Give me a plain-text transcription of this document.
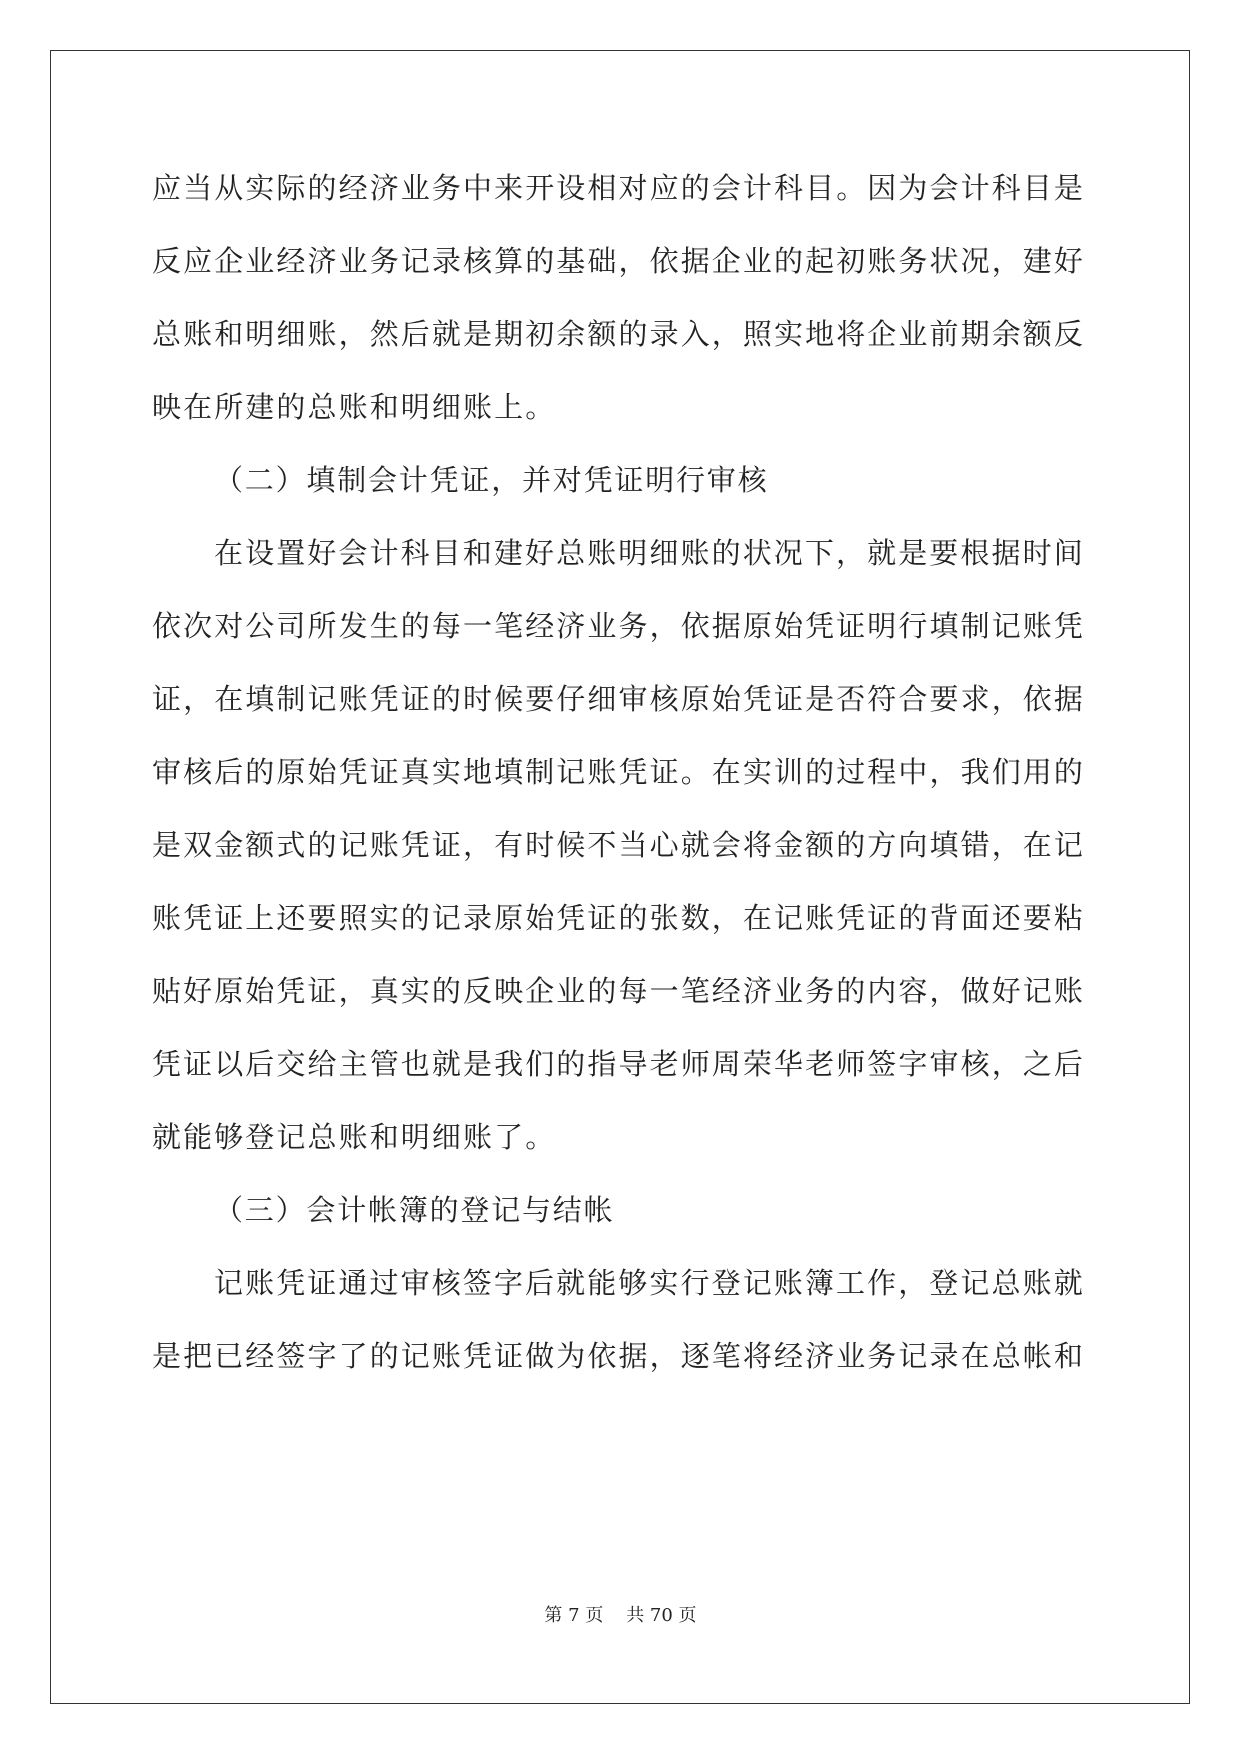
应当从实际的经济业务中来开设相对应的会计科目。因为会计科目是
反应企业经济业务记录核算的基础，依据企业的起初账务状况，建好
总账和明细账，然后就是期初余额的录入，照实地将企业前期余额反
映在所建的总账和明细账上。
（二）填制会计凭证，并对凭证明行审核
在设置好会计科目和建好总账明细账的状况下，就是要根据时间
依次对公司所发生的每一笔经济业务，依据原始凭证明行填制记账凭
证，在填制记账凭证的时候要仔细审核原始凭证是否符合要求，依据
审核后的原始凭证真实地填制记账凭证。在实训的过程中，我们用的
是双金额式的记账凭证，有时候不当心就会将金额的方向填错，在记
账凭证上还要照实的记录原始凭证的张数，在记账凭证的背面还要粘
贴好原始凭证，真实的反映企业的每一笔经济业务的内容，做好记账
凭证以后交给主管也就是我们的指导老师周荣华老师签字审核，之后
就能够登记总账和明细账了。
（三）会计帐簿的登记与结帐
记账凭证通过审核签字后就能够实行登记账簿工作，登记总账就
是把已经签字了的记账凭证做为依据，逐笔将经济业务记录在总帐和
第 7 页    共 70 页
